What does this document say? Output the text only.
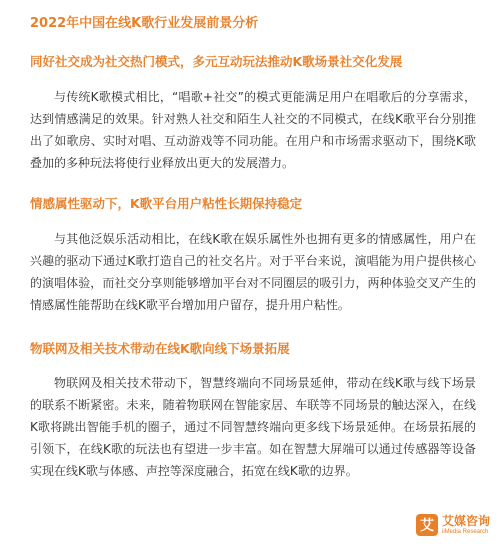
2022年中国在线K歌行业发展前景分析
同好社交成为社交热门模式，多元互动玩法推动K歌场景社交化发展
与传统K歌模式相比，“唱歌+社交”的模式更能满足用户在唱歌后的分享需求，达到情感满足的效果。针对熟人社交和陌生人社交的不同模式，在线K歌平台分别推出了如歌房、实时对唱、互动游戏等不同功能。在用户和市场需求驱动下，围绕K歌叠加的多种玩法将使行业释放出更大的发展潜力。
情感属性驱动下，K歌平台用户粘性长期保持稳定
与其他泛娱乐活动相比，在线K歌在娱乐属性外也拥有更多的情感属性，用户在兴趣的驱动下通过K歌打造自己的社交名片。对于平台来说，演唱能为用户提供核心的演唱体验，而社交分享则能够增加平台对不同圈层的吸引力，两种体验交叉产生的情感属性能帮助在线K歌平台增加用户留存，提升用户粘性。
物联网及相关技术带动在线K歌向线下场景拓展
物联网及相关技术带动下，智慧终端向不同场景延伸，带动在线K歌与线下场景的联系不断紧密。未来，随着物联网在智能家居、车联等不同场景的触达深入，在线K歌将跳出智能手机的圈子，通过不同智慧终端向更多线下场景延伸。在场景拓展的引领下，在线K歌的玩法也有望进一步丰富。如在智慧大屏端可以通过传感器等设备实现在线K歌与体感、声控等深度融合，拓宽在线K歌的边界。
艾 艾媒咨询
iiMedia Research
